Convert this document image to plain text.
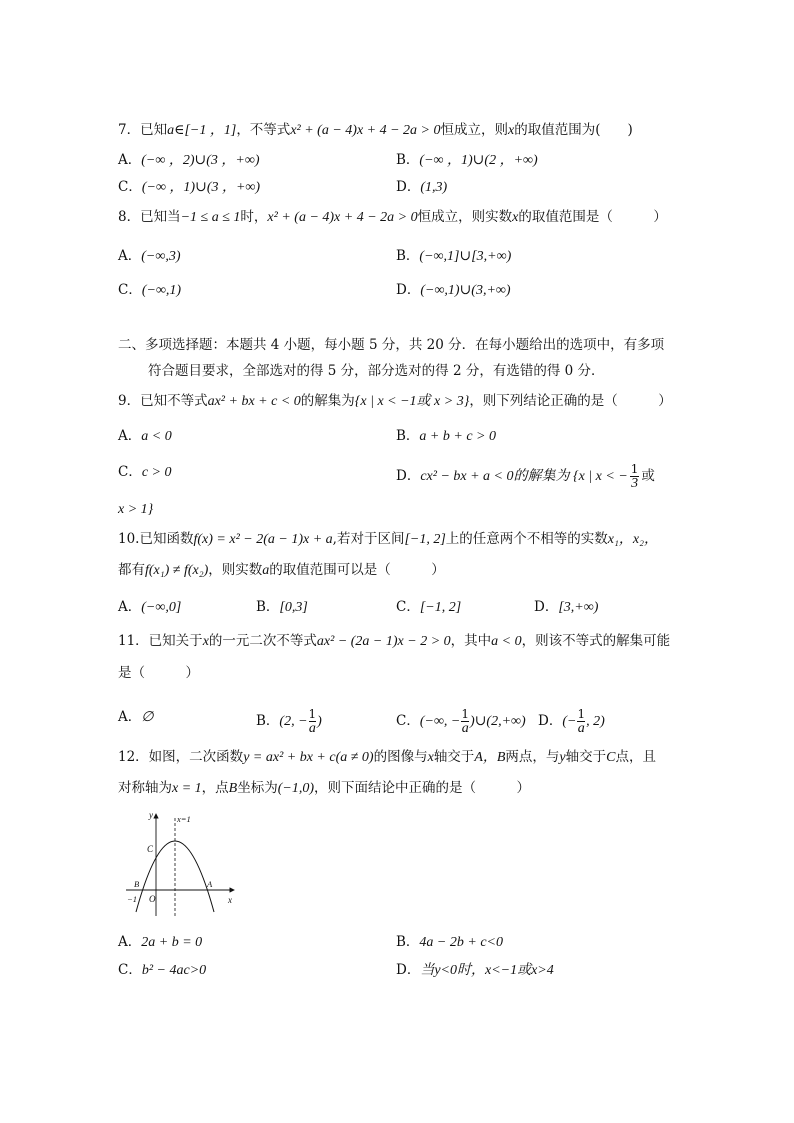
7．已知a∈[−1 ，1]，不等式x² + (a − 4)x + 4 − 2a > 0恒成立，则x的取值范围为(　　)
A．(−∞ ，2)∪(3 ，+∞)	B．(−∞ ，1)∪(2 ，+∞)
C．(−∞ ，1)∪(3 ，+∞)	D．(1,3)
8．已知当−1 ≤ a ≤ 1时，x² + (a − 4)x + 4 − 2a > 0恒成立，则实数x的取值范围是（　　　）
A．(−∞,3)	B．(−∞,1]∪[3,+∞)
C．(−∞,1)	D．(−∞,1)∪(3,+∞)
二、多项选择题：本题共 4 小题，每小题 5 分，共 20 分．在每小题给出的选项中，有多项
符合题目要求，全部选对的得 5 分，部分选对的得 2 分，有选错的得 0 分．
9．已知不等式ax² + bx + c < 0的解集为{x | x < −1或 x > 3}，则下列结论正确的是（　　　）
A．a < 0	B．a + b + c > 0
C．c > 0	D．cx² − bx + a < 0的解集为 {x | x < − $\frac{1}{3}$ 或
x > 1}
10.已知函数f(x) = x² − 2(a − 1)x + a,若对于区间[−1, 2]上的任意两个不相等的实数x₁，x₂，
都有f(x₁) ≠ f(x₂)，则实数a的取值范围可以是（　　　）
A．(−∞,0]	B．[0,3]	C．[−1, 2]	D．[3,+∞)
11．已知关于x的一元二次不等式ax² − (2a − 1)x − 2 > 0，其中a < 0，则该不等式的解集可能
是（　　　）
A．∅	B．(2, − $\frac{1}{a}$ )	C．(−∞, − $\frac{1}{a}$ )∪(2,+∞) D．(− $\frac{1}{a}$ , 2)
12．如图，二次函数y = ax² + bx + c(a ≠ 0)的图像与x轴交于A，B两点，与y轴交于C点，且
对称轴为x = 1，点B坐标为(−1,0)，则下面结论中正确的是（　　　）
y
x
x=1
C
B
O
A
−1
A．2a + b = 0	B．4a − 2b + c<0
C．b² − 4ac>0	D．当y<0时，x<−1或x>4
